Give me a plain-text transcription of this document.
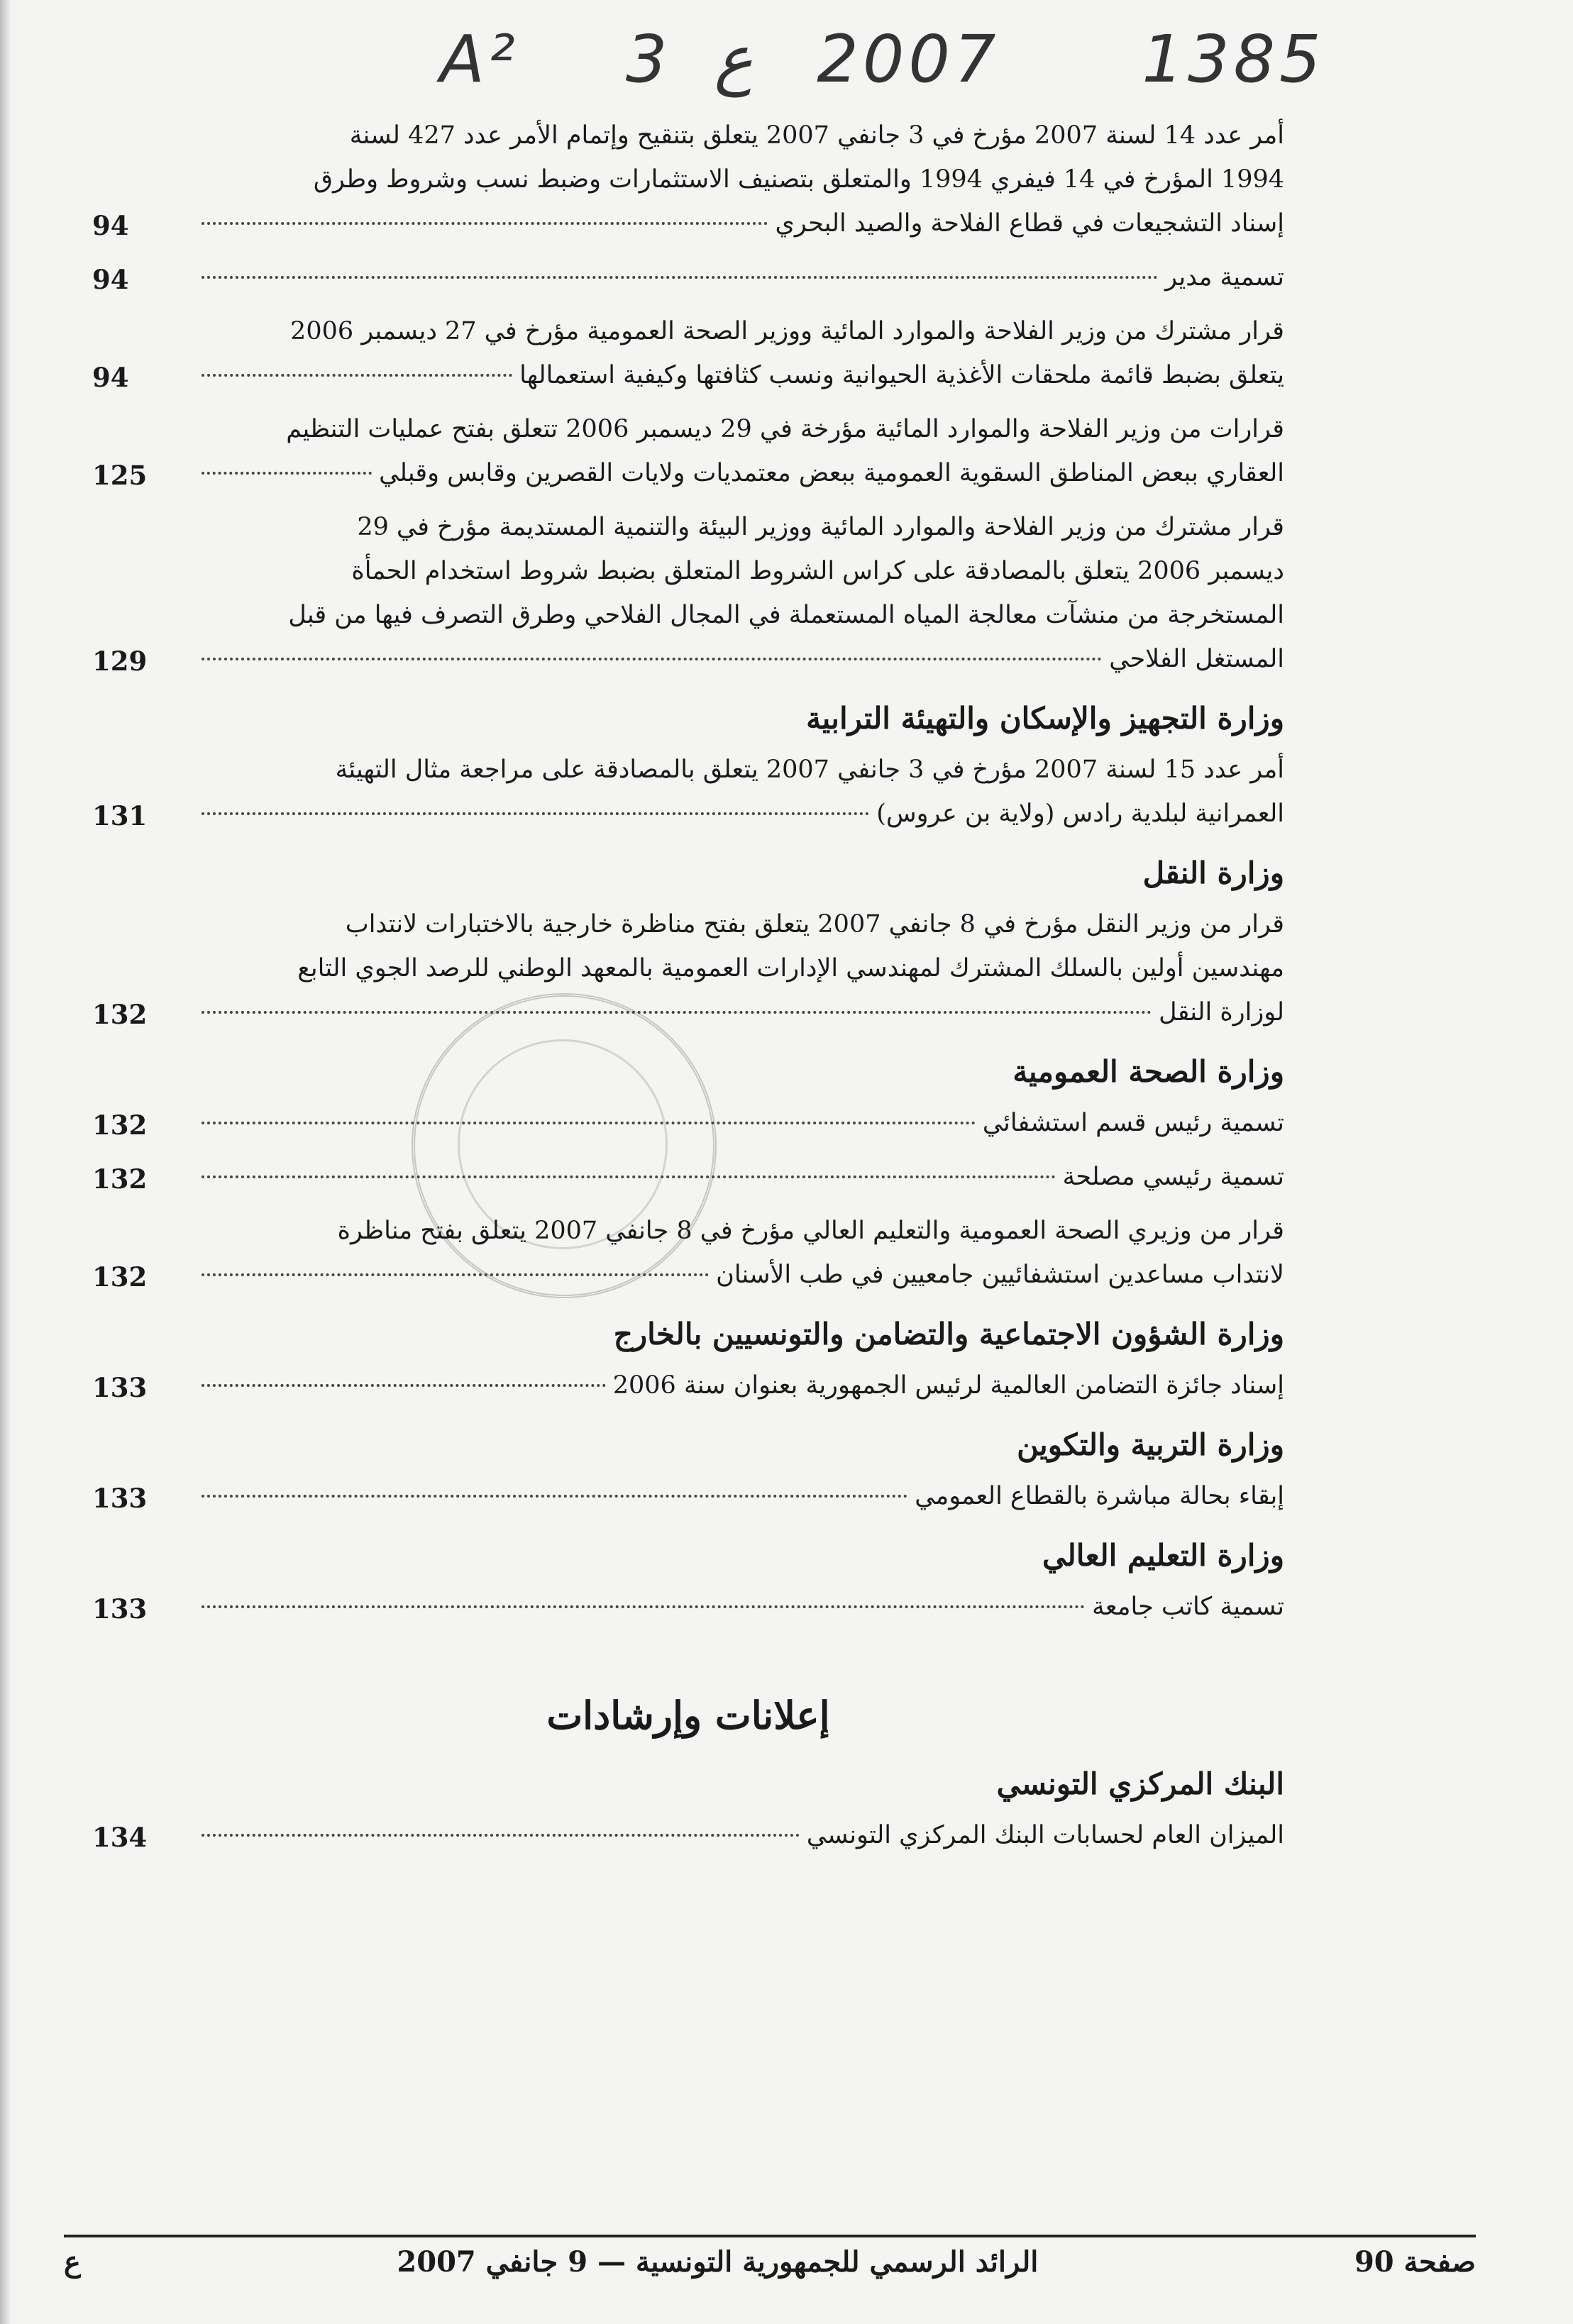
A² 3 ع 2007 1385
أمر عدد 14 لسنة 2007 مؤرخ في 3 جانفي 2007 يتعلق بتنقيح وإتمام الأمر عدد 427 لسنة
1994 المؤرخ في 14 فيفري 1994 والمتعلق بتصنيف الاستثمارات وضبط نسب وشروط وطرق
إسناد التشجيعات في قطاع الفلاحة والصيد البحري
94
تسمية مدير
94
قرار مشترك من وزير الفلاحة والموارد المائية ووزير الصحة العمومية مؤرخ في 27 ديسمبر 2006
يتعلق بضبط قائمة ملحقات الأغذية الحيوانية ونسب كثافتها وكيفية استعمالها
94
قرارات من وزير الفلاحة والموارد المائية مؤرخة في 29 ديسمبر 2006 تتعلق بفتح عمليات التنظيم
العقاري ببعض المناطق السقوية العمومية ببعض معتمديات ولايات القصرين وقابس وقبلي
125
قرار مشترك من وزير الفلاحة والموارد المائية ووزير البيئة والتنمية المستديمة مؤرخ في 29
ديسمبر 2006 يتعلق بالمصادقة على كراس الشروط المتعلق بضبط شروط استخدام الحمأة
المستخرجة من منشآت معالجة المياه المستعملة في المجال الفلاحي وطرق التصرف فيها من قبل
المستغل الفلاحي
129
وزارة التجهيز والإسكان والتهيئة الترابية
أمر عدد 15 لسنة 2007 مؤرخ في 3 جانفي 2007 يتعلق بالمصادقة على مراجعة مثال التهيئة
العمرانية لبلدية رادس (ولاية بن عروس)
131
وزارة النقل
قرار من وزير النقل مؤرخ في 8 جانفي 2007 يتعلق بفتح مناظرة خارجية بالاختبارات لانتداب
مهندسين أولين بالسلك المشترك لمهندسي الإدارات العمومية بالمعهد الوطني للرصد الجوي التابع
لوزارة النقل
132
وزارة الصحة العمومية
تسمية رئيس قسم استشفائي
132
تسمية رئيسي مصلحة
132
قرار من وزيري الصحة العمومية والتعليم العالي مؤرخ في 8 جانفي 2007 يتعلق بفتح مناظرة
لانتداب مساعدين استشفائيين جامعيين في طب الأسنان
132
وزارة الشؤون الاجتماعية والتضامن والتونسيين بالخارج
إسناد جائزة التضامن العالمية لرئيس الجمهورية بعنوان سنة 2006
133
وزارة التربية والتكوين
إبقاء بحالة مباشرة بالقطاع العمومي
133
وزارة التعليم العالي
تسمية كاتب جامعة
133
إعلانات وإرشادات
البنك المركزي التونسي
الميزان العام لحسابات البنك المركزي التونسي
134
صفحة 90
الرائد الرسمي للجمهورية التونسية — 9 جانفي 2007
ع
